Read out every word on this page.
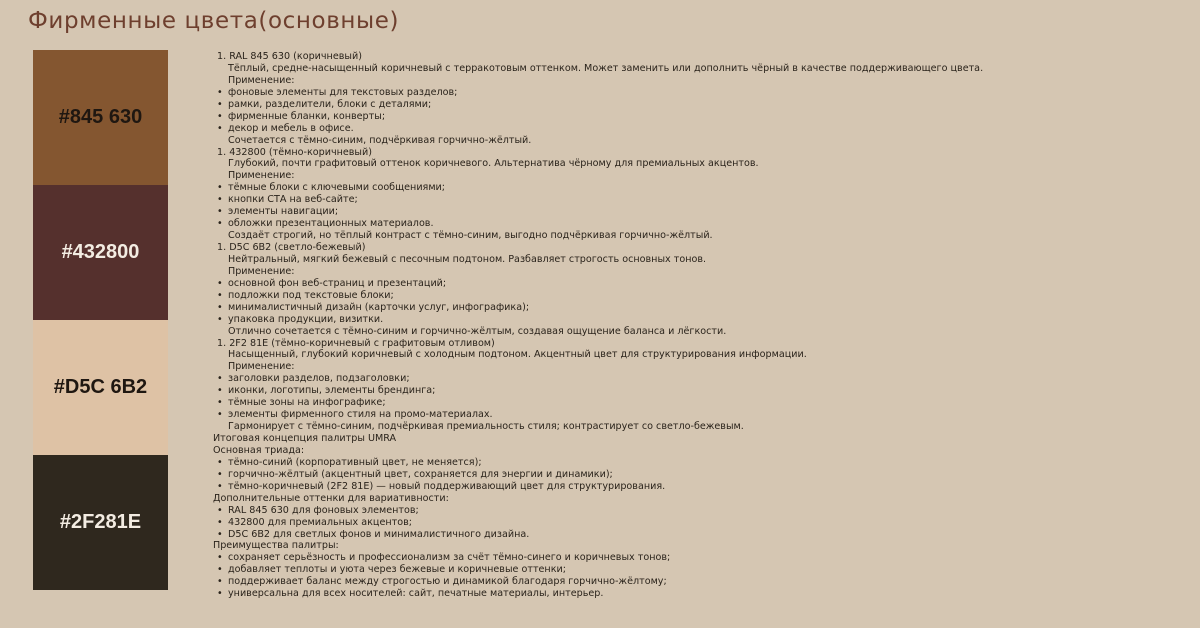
Фирменные цвета(основные)
#845 630
#432800
#D5C 6B2
#2F281E
1. RAL 845 630 (коричневый)
Тёплый, средне-насыщенный коричневый с терракотовым оттенком. Может заменить или дополнить чёрный в качестве поддерживающего цвета.
Применение:
• фоновые элементы для текстовых разделов;
• рамки, разделители, блоки с деталями;
• фирменные бланки, конверты;
• декор и мебель в офисе.
Сочетается с тёмно-синим, подчёркивая горчично-жёлтый.
1. 432800 (тёмно-коричневый)
Глубокий, почти графитовый оттенок коричневого. Альтернатива чёрному для премиальных акцентов.
Применение:
• тёмные блоки с ключевыми сообщениями;
• кнопки СТА на веб-сайте;
• элементы навигации;
• обложки презентационных материалов.
Создаёт строгий, но тёплый контраст с тёмно-синим, выгодно подчёркивая горчично-жёлтый.
1. D5C 6B2 (светло-бежевый)
Нейтральный, мягкий бежевый с песочным подтоном. Разбавляет строгость основных тонов.
Применение:
• основной фон веб-страниц и презентаций;
• подложки под текстовые блоки;
• минималистичный дизайн (карточки услуг, инфографика);
• упаковка продукции, визитки.
Отлично сочетается с тёмно-синим и горчично-жёлтым, создавая ощущение баланса и лёгкости.
1. 2F2 81E (тёмно-коричневый с графитовым отливом)
Насыщенный, глубокий коричневый с холодным подтоном. Акцентный цвет для структурирования информации.
Применение:
• заголовки разделов, подзаголовки;
• иконки, логотипы, элементы брендинга;
• тёмные зоны на инфографике;
• элементы фирменного стиля на промо-материалах.
Гармонирует с тёмно-синим, подчёркивая премиальность стиля; контрастирует со светло-бежевым.
Итоговая концепция палитры UMRA
Основная триада:
• тёмно-синий (корпоративный цвет, не меняется);
• горчично-жёлтый (акцентный цвет, сохраняется для энергии и динамики);
• тёмно-коричневый (2F2 81E) — новый поддерживающий цвет для структурирования.
Дополнительные оттенки для вариативности:
• RAL 845 630 для фоновых элементов;
• 432800 для премиальных акцентов;
• D5C 6B2 для светлых фонов и минималистичного дизайна.
Преимущества палитры:
• сохраняет серьёзность и профессионализм за счёт тёмно-синего и коричневых тонов;
• добавляет теплоты и уюта через бежевые и коричневые оттенки;
• поддерживает баланс между строгостью и динамикой благодаря горчично-жёлтому;
• универсальна для всех носителей: сайт, печатные материалы, интерьер.
